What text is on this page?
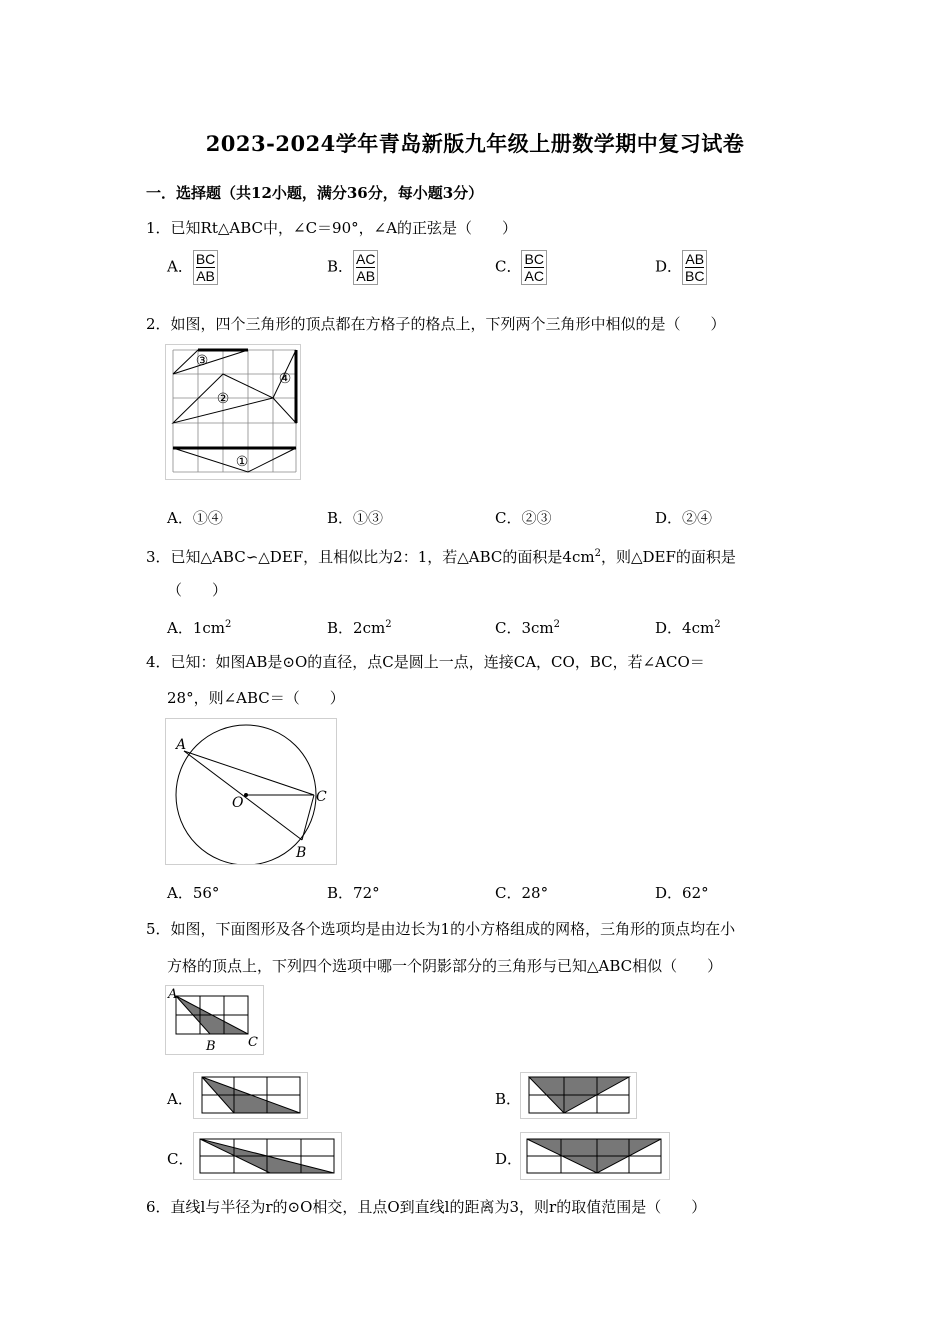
2023-2024学年青岛新版九年级上册数学期中复习试卷
一．选择题（共12小题，满分36分，每小题3分）
1．已知Rt△ABC中，∠C＝90°，∠A的正弦是（　　）
A． $\frac{BC}{AB}$	B． $\frac{AC}{AB}$	C． $\frac{BC}{AC}$	D． $\frac{AB}{BC}$
2．如图，四个三角形的顶点都在方格子的格点上，下列两个三角形中相似的是（　　）
③
②
④
①
A．①④	B．①③	C．②③	D．②④
3．已知△ABC∽△DEF，且相似比为2：1，若△ABC的面积是$4cm^2$，则△DEF的面积是
（　　）
A．$1cm^2$	B．$2cm^2$	C．$3cm^2$	D．$4cm^2$
4．已知：如图AB是⊙O的直径，点C是圆上一点，连接CA，CO，BC，若∠ACO＝
28°，则∠ABC＝（　　）
A
O	C
B
A．56°	B．72°	C．28°	D．62°
5．如图，下面图形及各个选项均是由边长为1的小方格组成的网格，三角形的顶点均在小
方格的顶点上，下列四个选项中哪一个阴影部分的三角形与已知△ABC相似（　　）
A
B C
A．	B．
C．	D．
6．直线l与半径为r的⊙O相交，且点O到直线l的距离为3，则r的取值范围是（　　）
